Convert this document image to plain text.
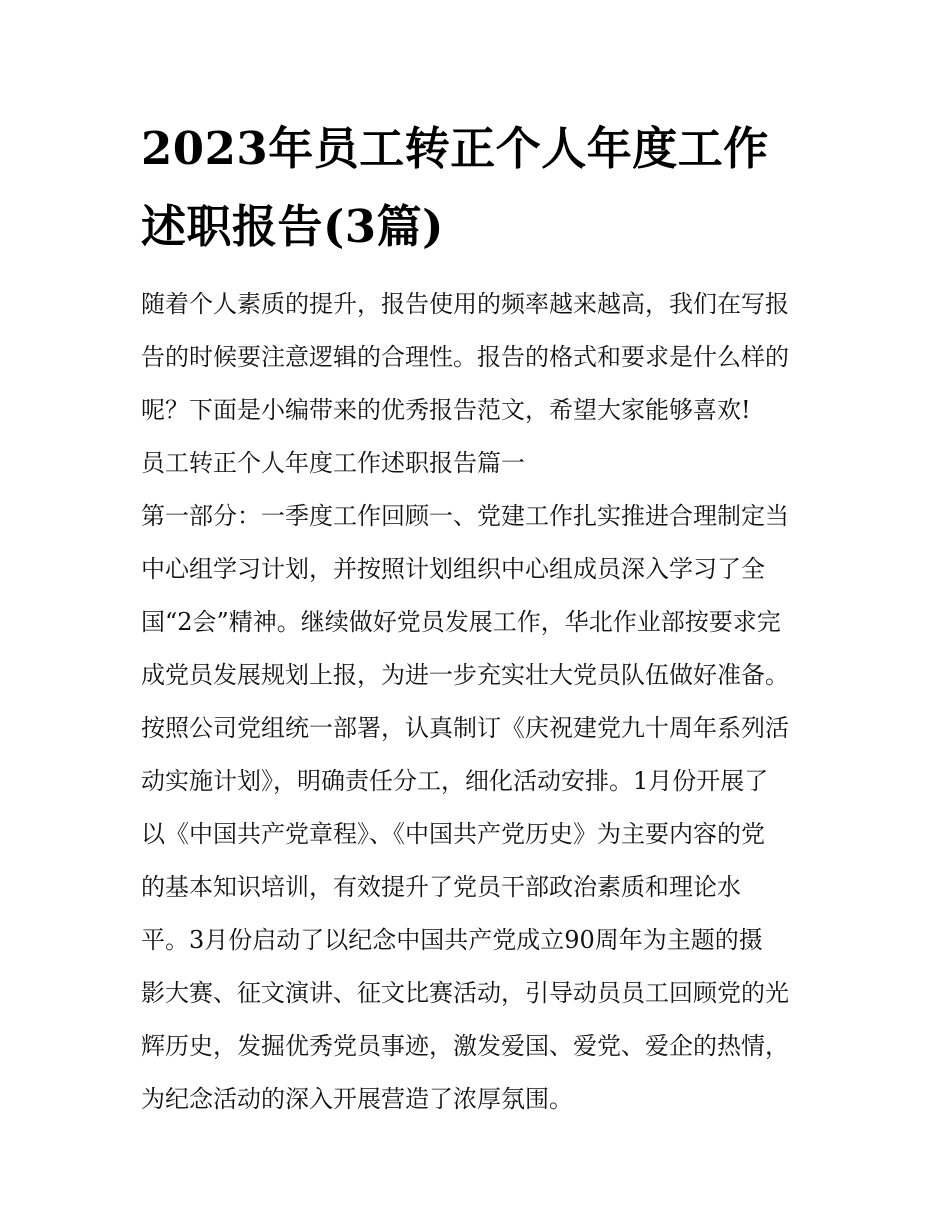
2023年员工转正个人年度工作
述职报告(3篇)
随着个人素质的提升，报告使用的频率越来越高，我们在写报
告的时候要注意逻辑的合理性。报告的格式和要求是什么样的
呢？下面是小编带来的优秀报告范文，希望大家能够喜欢!
员工转正个人年度工作述职报告篇一
第一部分：一季度工作回顾一、党建工作扎实推进合理制定当
中心组学习计划，并按照计划组织中心组成员深入学习了全
国“2会”精神。继续做好党员发展工作，华北作业部按要求完
成党员发展规划上报，为进一步充实壮大党员队伍做好准备。
按照公司党组统一部署，认真制订《庆祝建党九十周年系列活
动实施计划》，明确责任分工，细化活动安排。1月份开展了
以《中国共产党章程》、《中国共产党历史》为主要内容的党
的基本知识培训，有效提升了党员干部政治素质和理论水
平。3月份启动了以纪念中国共产党成立90周年为主题的摄
影大赛、征文演讲、征文比赛活动，引导动员员工回顾党的光
辉历史，发掘优秀党员事迹，激发爱国、爱党、爱企的热情，
为纪念活动的深入开展营造了浓厚氛围。
